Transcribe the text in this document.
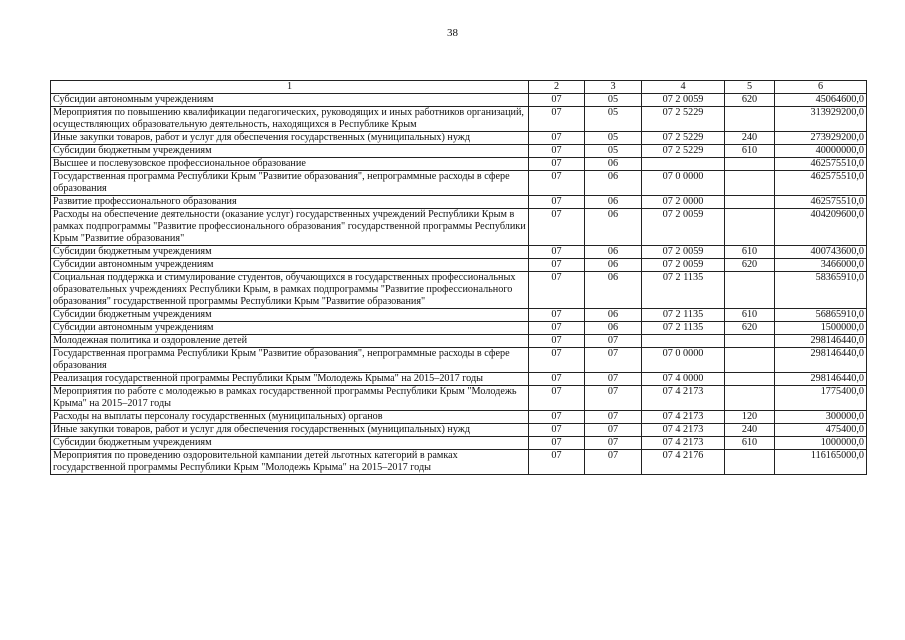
38
1	2	3	4	5	6
Субсидии автономным учреждениям	07	05	07 2 0059	620	45064600,0
Мероприятия по повышению квалификации педагогических, руководящих и иных работников организаций, осуществляющих образовательную деятельность, находящихся в Республике Крым	07	05	07 2 5229		313929200,0
Иные закупки товаров, работ и услуг для обеспечения государственных (муниципальных) нужд	07	05	07 2 5229	240	273929200,0
Субсидии бюджетным учреждениям	07	05	07 2 5229	610	40000000,0
Высшее и послевузовское профессиональное образование	07	06			462575510,0
Государственная программа Республики Крым "Развитие образования", непрограммные расходы в сфере образования	07	06	07 0 0000		462575510,0
Развитие профессионального образования	07	06	07 2 0000		462575510,0
Расходы на обеспечение деятельности (оказание услуг) государственных учреждений Республики Крым в рамках подпрограммы "Развитие профессионального образования" государственной программы Республики Крым "Развитие образования"	07	06	07 2 0059		404209600,0
Субсидии бюджетным учреждениям	07	06	07 2 0059	610	400743600,0
Субсидии автономным учреждениям	07	06	07 2 0059	620	3466000,0
Социальная поддержка и стимулирование студентов, обучающихся в государственных профессиональных образовательных учреждениях Республики Крым, в рамках подпрограммы "Развитие профессионального образования" государственной программы Республики Крым "Развитие образования"	07	06	07 2 1135		58365910,0
Субсидии бюджетным учреждениям	07	06	07 2 1135	610	56865910,0
Субсидии автономным учреждениям	07	06	07 2 1135	620	1500000,0
Молодежная политика и оздоровление детей	07	07			298146440,0
Государственная программа Республики Крым "Развитие образования", непрограммные расходы в сфере образования	07	07	07 0 0000		298146440,0
Реализация государственной программы Республики Крым "Молодежь Крыма" на 2015–2017 годы	07	07	07 4 0000		298146440,0
Мероприятия по работе с молодежью в рамках государственной программы Республики Крым "Молодежь Крыма" на 2015–2017 годы	07	07	07 4 2173		1775400,0
Расходы на выплаты персоналу государственных (муниципальных) органов	07	07	07 4 2173	120	300000,0
Иные закупки товаров, работ и услуг для обеспечения государственных (муниципальных) нужд	07	07	07 4 2173	240	475400,0
Субсидии бюджетным учреждениям	07	07	07 4 2173	610	1000000,0
Мероприятия по проведению оздоровительной кампании детей льготных категорий в рамках государственной программы Республики Крым "Молодежь Крыма" на 2015–2017 годы	07	07	07 4 2176		116165000,0
